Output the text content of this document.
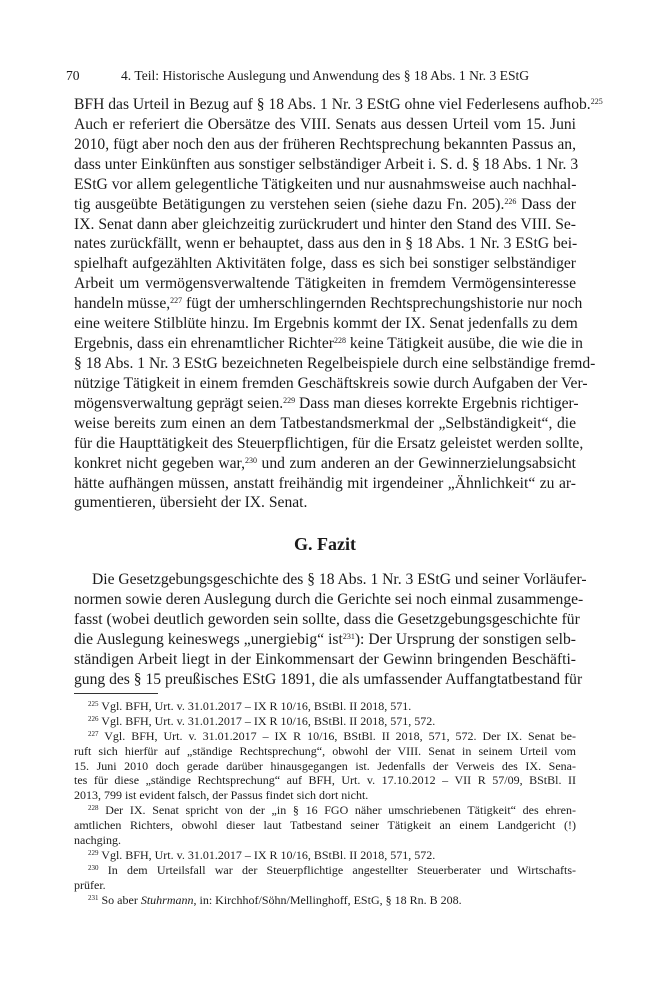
70	4. Teil: Historische Auslegung und Anwendung des § 18 Abs. 1 Nr. 3 EStG
BFH das Urteil in Bezug auf § 18 Abs. 1 Nr. 3 EStG ohne viel Federlesens aufhob.$^{225}$
Auch er referiert die Obersätze des VIII. Senats aus dessen Urteil vom 15. Juni
2010, fügt aber noch den aus der früheren Rechtsprechung bekannten Passus an,
dass unter Einkünften aus sonstiger selbständiger Arbeit i. S. d. § 18 Abs. 1 Nr. 3
EStG vor allem gelegentliche Tätigkeiten und nur ausnahmsweise auch nachhal-
tig ausgeübte Betätigungen zu verstehen seien (siehe dazu Fn. 205).$^{226}$ Dass der
IX. Senat dann aber gleichzeitig zurückrudert und hinter den Stand des VIII. Se-
nates zurückfällt, wenn er behauptet, dass aus den in § 18 Abs. 1 Nr. 3 EStG bei-
spielhaft aufgezählten Aktivitäten folge, dass es sich bei sonstiger selbständiger
Arbeit um vermögensverwaltende Tätigkeiten in fremdem Vermögensinteresse
handeln müsse,$^{227}$ fügt der umherschlingernden Rechtsprechungshistorie nur noch
eine weitere Stilblüte hinzu. Im Ergebnis kommt der IX. Senat jedenfalls zu dem
Ergebnis, dass ein ehrenamtlicher Richter$^{228}$ keine Tätigkeit ausübe, die wie die in
§ 18 Abs. 1 Nr. 3 EStG bezeichneten Regelbeispiele durch eine selbständige fremd-
nützige Tätigkeit in einem fremden Geschäftskreis sowie durch Aufgaben der Ver-
mögensverwaltung geprägt seien.$^{229}$ Dass man dieses korrekte Ergebnis richtiger-
weise bereits zum einen an dem Tatbestandsmerkmal der „Selbständigkeit“, die
für die Haupttätigkeit des Steuerpflichtigen, für die Ersatz geleistet werden sollte,
konkret nicht gegeben war,$^{230}$ und zum anderen an der Gewinnerzielungsabsicht
hätte aufhängen müssen, anstatt freihändig mit irgendeiner „Ähnlichkeit“ zu ar-
gumentieren, übersieht der IX. Senat.
G. Fazit
Die Gesetzgebungsgeschichte des § 18 Abs. 1 Nr. 3 EStG und seiner Vorläufer-
normen sowie deren Auslegung durch die Gerichte sei noch einmal zusammenge-
fasst (wobei deutlich geworden sein sollte, dass die Gesetzgebungsgeschichte für
die Auslegung keineswegs „unergiebig“ ist$^{231}$): Der Ursprung der sonstigen selb-
ständigen Arbeit liegt in der Einkommensart der Gewinn bringenden Beschäfti-
gung des § 15 preußisches EStG 1891, die als umfassender Auffangtatbestand für
$^{225}$ Vgl. BFH, Urt. v. 31.01.2017 – IX R 10/16, BStBl. II 2018, 571.
$^{226}$ Vgl. BFH, Urt. v. 31.01.2017 – IX R 10/16, BStBl. II 2018, 571, 572.
$^{227}$ Vgl. BFH, Urt. v. 31.01.2017 – IX R 10/16, BStBl. II 2018, 571, 572. Der IX. Senat be-
ruft sich hierfür auf „ständige Rechtsprechung“, obwohl der VIII. Senat in seinem Urteil vom
15. Juni 2010 doch gerade darüber hinausgegangen ist. Jedenfalls der Verweis des IX. Sena-
tes für diese „ständige Rechtsprechung“ auf BFH, Urt. v. 17.10.2012 – VII R 57/09, BStBl. II
2013, 799 ist evident falsch, der Passus findet sich dort nicht.
$^{228}$ Der IX. Senat spricht von der „in § 16 FGO näher umschriebenen Tätigkeit“ des ehren-
amtlichen Richters, obwohl dieser laut Tatbestand seiner Tätigkeit an einem Landgericht (!)
nachging.
$^{229}$ Vgl. BFH, Urt. v. 31.01.2017 – IX R 10/16, BStBl. II 2018, 571, 572.
$^{230}$ In dem Urteilsfall war der Steuerpflichtige angestellter Steuerberater und Wirtschafts-
prüfer.
$^{231}$ So aber Stuhrmann, in: Kirchhof/Söhn/Mellinghoff, EStG, § 18 Rn. B 208.
